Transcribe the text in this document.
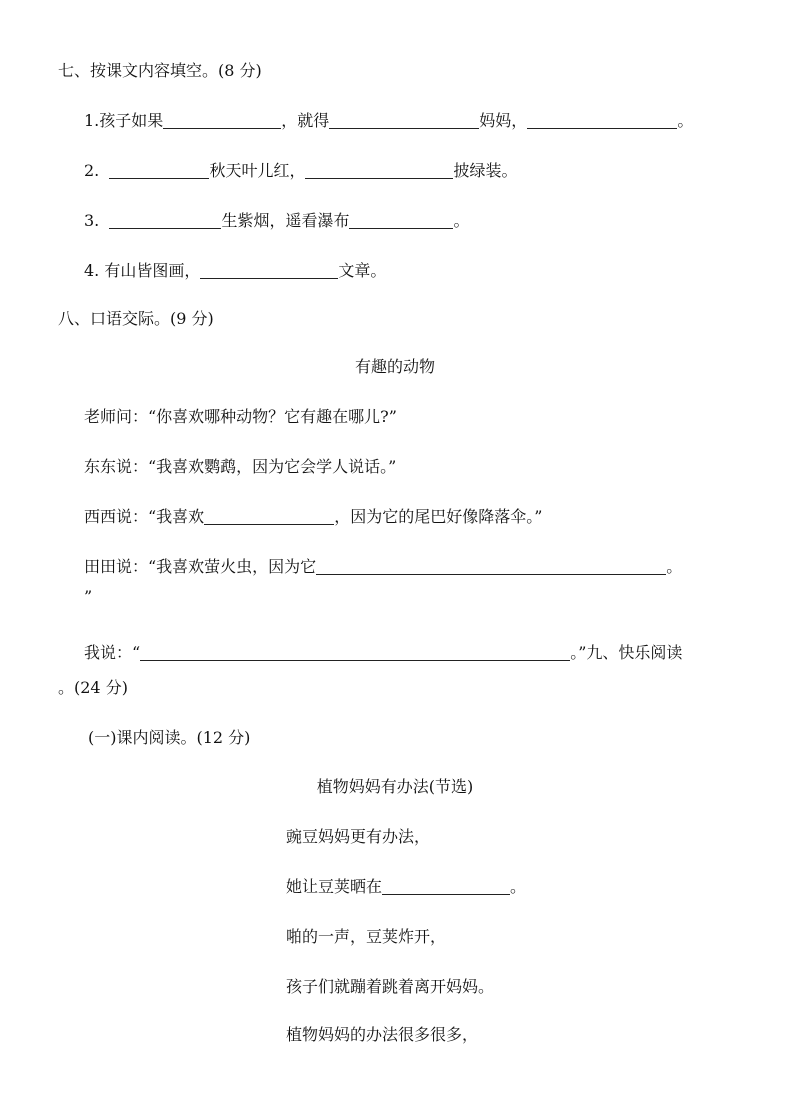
七、按课文内容填空。(8 分)
1.孩子如果	，就得	妈妈，	。
2.	秋天叶儿红，	披绿装。
3.	生紫烟，遥看瀑布	。
4. 有山皆图画，	文章。
八、口语交际。(9 分)
有趣的动物
老师问：“你喜欢哪种动物？它有趣在哪儿?”
东东说：“我喜欢鹦鹉，因为它会学人说话。”
西西说：“我喜欢	，因为它的尾巴好像降落伞。”
田田说：“我喜欢萤火虫，因为它	。
”
我说：“	。”九、快乐阅读
。(24 分)
(一)课内阅读。(12 分)
植物妈妈有办法(节选)
豌豆妈妈更有办法，
她让豆荚晒在	。
啪的一声，豆荚炸开，
孩子们就蹦着跳着离开妈妈。
植物妈妈的办法很多很多，
